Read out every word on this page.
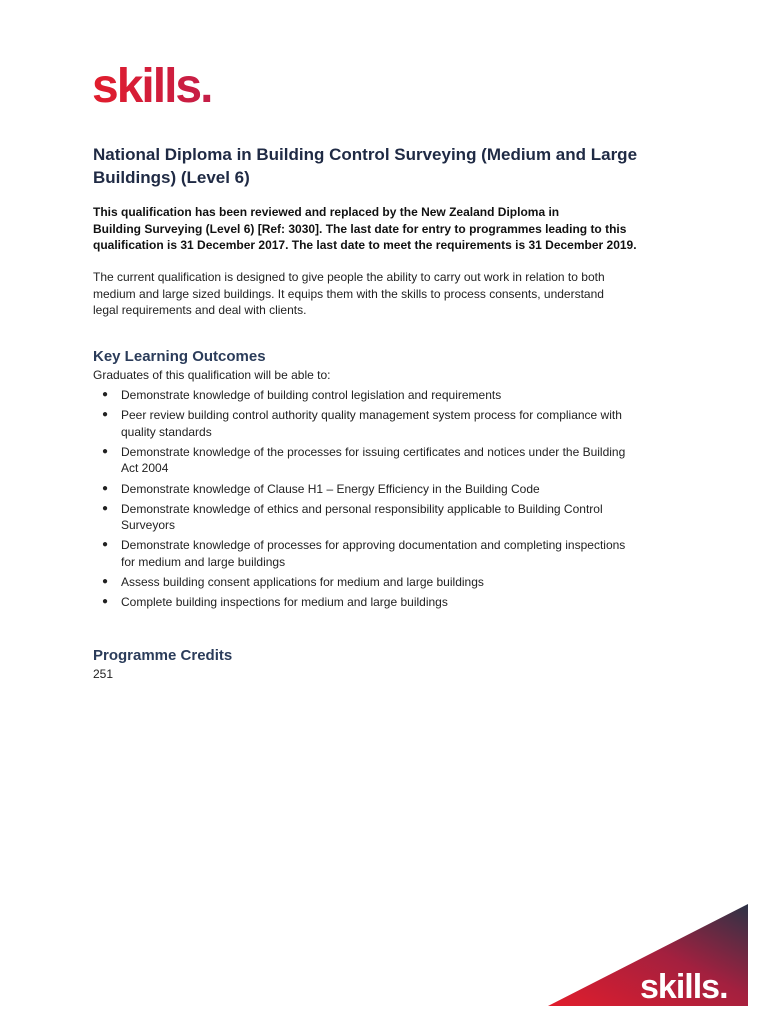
skills.
National Diploma in Building Control Surveying (Medium and Large Buildings) (Level 6)
This qualification has been reviewed and replaced by the New Zealand Diploma in
Building Surveying (Level 6) [Ref: 3030]. The last date for entry to programmes leading to this
qualification is 31 December 2017. The last date to meet the requirements is 31 December 2019.
The current qualification is designed to give people the ability to carry out work in relation to both
medium and large sized buildings. It equips them with the skills to process consents, understand
legal requirements and deal with clients.
Key Learning Outcomes
Graduates of this qualification will be able to:
● Demonstrate knowledge of building control legislation and requirements
● Peer review building control authority quality management system process for compliance with
quality standards
● Demonstrate knowledge of the processes for issuing certificates and notices under the Building
Act 2004
● Demonstrate knowledge of Clause H1 – Energy Efficiency in the Building Code
● Demonstrate knowledge of ethics and personal responsibility applicable to Building Control
Surveyors
● Demonstrate knowledge of processes for approving documentation and completing inspections
for medium and large buildings
● Assess building consent applications for medium and large buildings
● Complete building inspections for medium and large buildings
Programme Credits
251
skills.
